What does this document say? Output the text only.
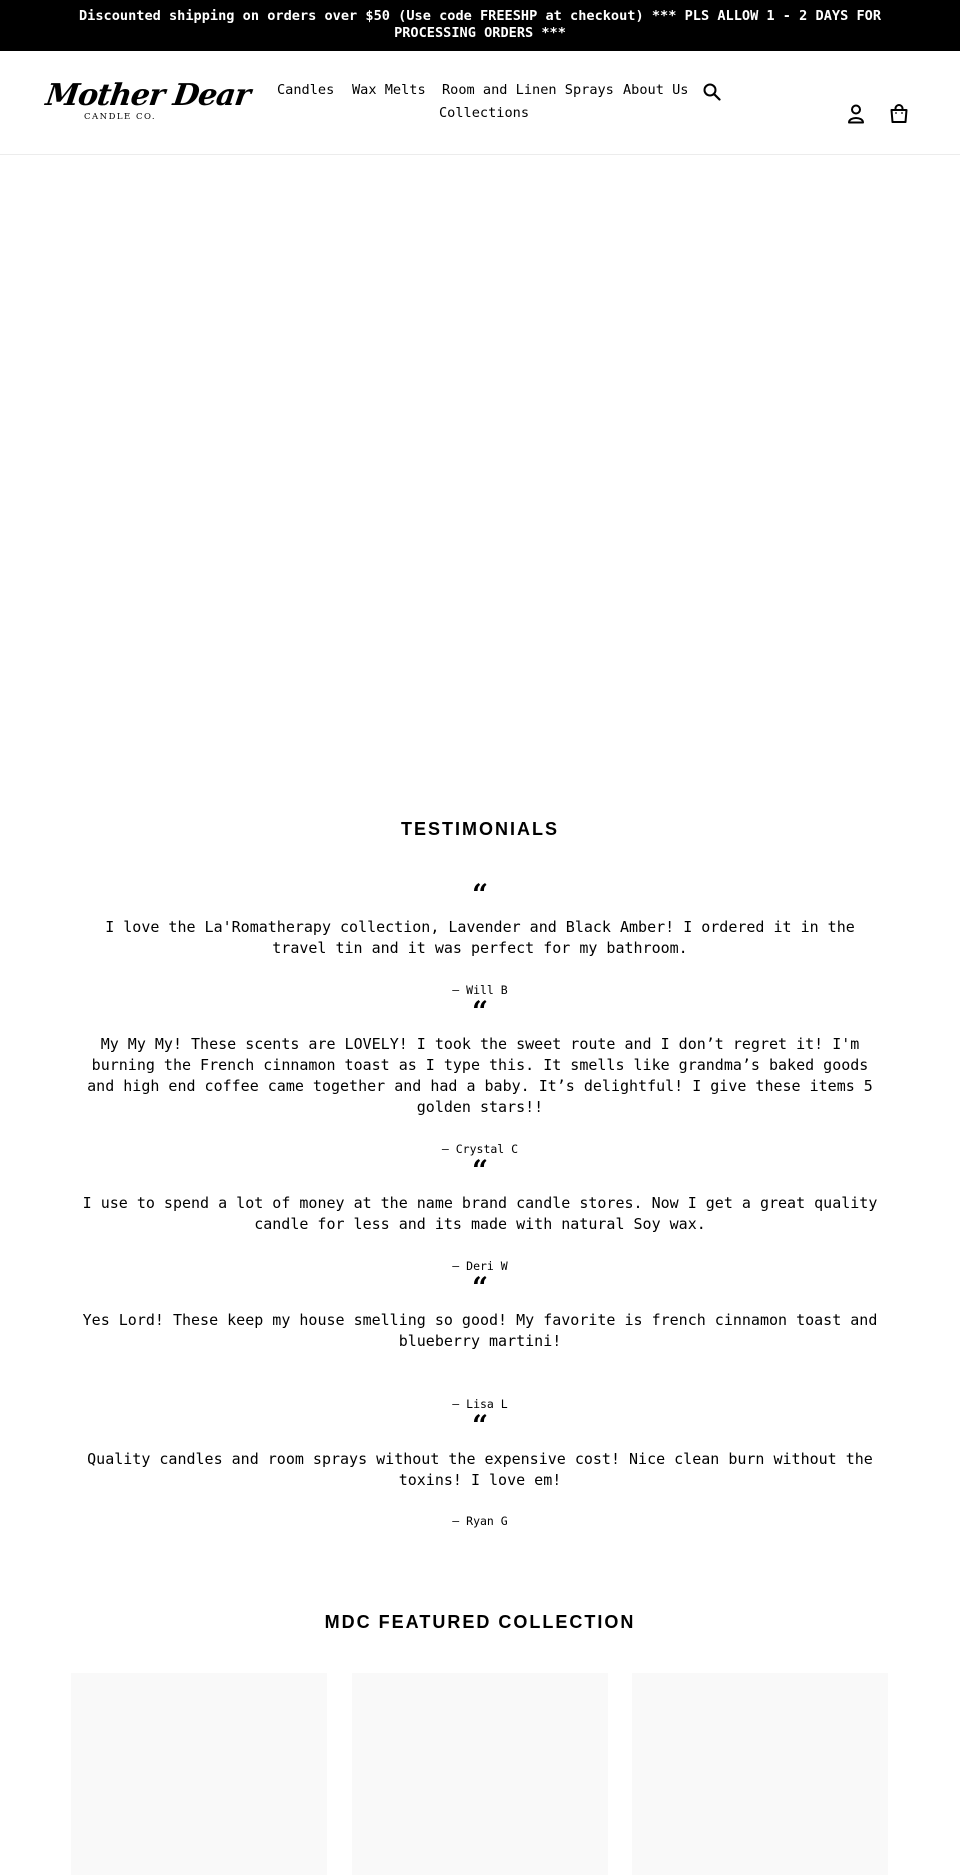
Discounted shipping on orders over $50 (Use code FREESHP at checkout) *** PLS ALLOW 1 - 2 DAYS FOR PROCESSING ORDERS ***
Mother Dear
CANDLE CO.
Candles Wax Melts Room and Linen Sprays About Us
Collections
TESTIMONIALS
“

I love the La'Romatherapy collection, Lavender and Black Amber! I ordered it in the travel tin and it was perfect for my bathroom.

— Will B
“

My My My! These scents are LOVELY! I took the sweet route and I don’t regret it! I'm burning the French cinnamon toast as I type this. It smells like grandma’s baked goods and high end coffee came together and had a baby. It’s delightful! I give these items 5 golden stars!!

— Crystal C
“

I use to spend a lot of money at the name brand candle stores. Now I get a great quality candle for less and its made with natural Soy wax.

— Deri W
“

Yes Lord! These keep my house smelling so good! My favorite is french cinnamon toast and blueberry martini!

— Lisa L
“

Quality candles and room sprays without the expensive cost! Nice clean burn without the toxins! I love em!

— Ryan G
MDC FEATURED COLLECTION
